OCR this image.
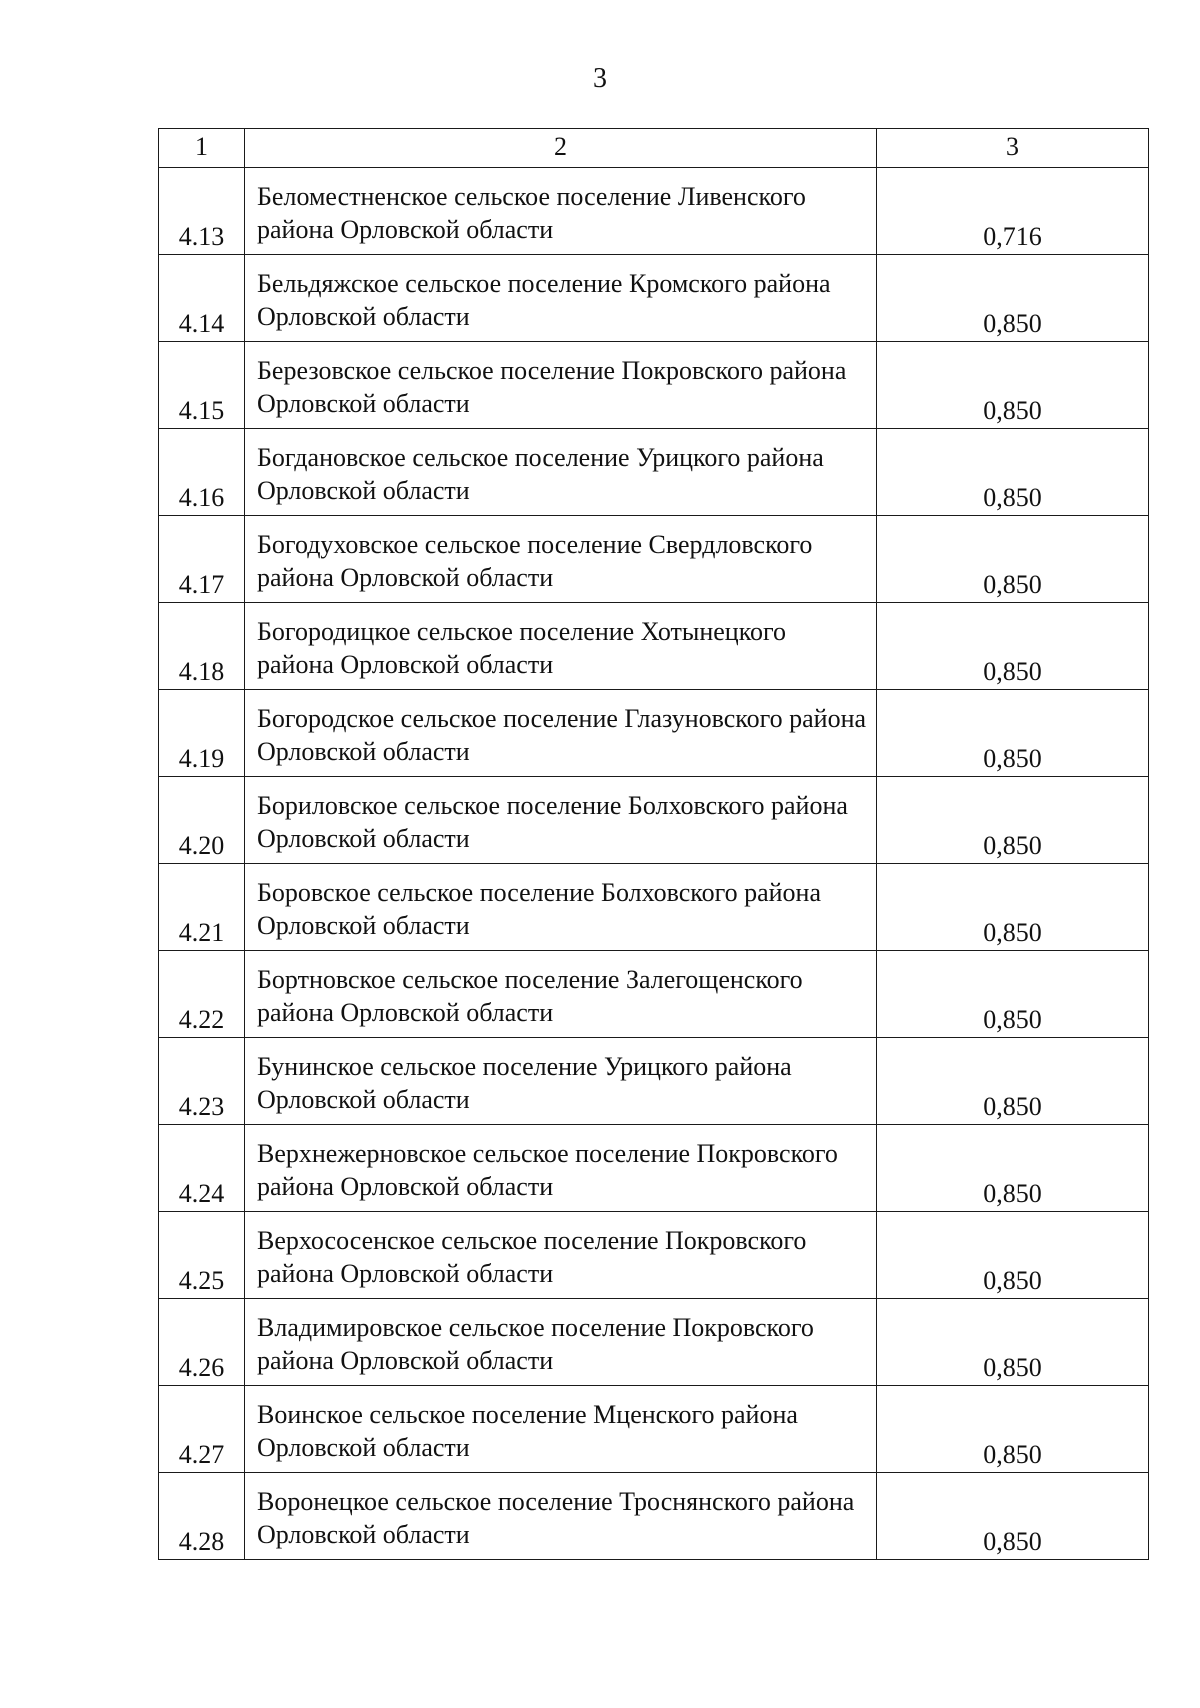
3
1	2	3
4.13	Беломестненское сельское поселение Ливенского района Орловской области	0,716
4.14	Бельдяжское сельское поселение Кромского района Орловской области	0,850
4.15	Березовское сельское поселение Покровского района Орловской области	0,850
4.16	Богдановское сельское поселение Урицкого района Орловской области	0,850
4.17	Богодуховское сельское поселение Свердловского района Орловской области	0,850
4.18	Богородицкое сельское поселение Хотынецкого района Орловской области	0,850
4.19	Богородское сельское поселение Глазуновского района Орловской области	0,850
4.20	Бориловское сельское поселение Болховского района Орловской области	0,850
4.21	Боровское сельское поселение Болховского района Орловской области	0,850
4.22	Бортновское сельское поселение Залегощенского района Орловской области	0,850
4.23	Бунинское сельское поселение Урицкого района Орловской области	0,850
4.24	Верхнежерновское сельское поселение Покровского района Орловской области	0,850
4.25	Верхососенское сельское поселение Покровского района Орловской области	0,850
4.26	Владимировское сельское поселение Покровского района Орловской области	0,850
4.27	Воинское сельское поселение Мценского района Орловской области	0,850
4.28	Воронецкое сельское поселение Троснянского района Орловской области	0,850
